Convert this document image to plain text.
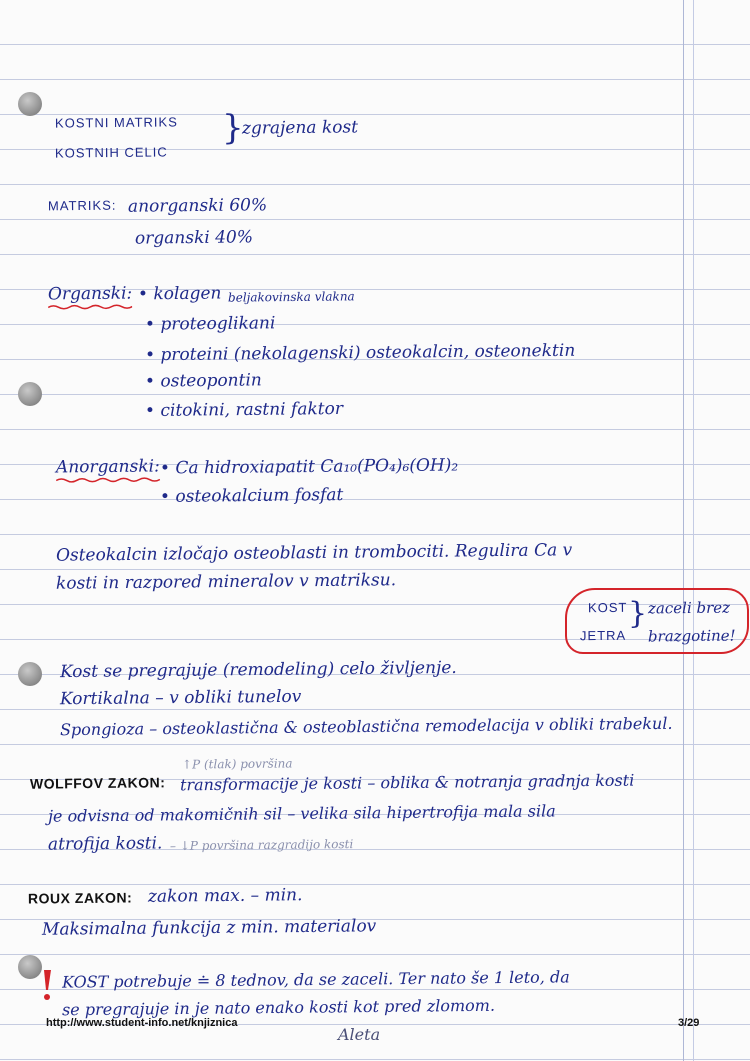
KOSTNI MATRIKS
KOSTNIH CELIC
}
zgrajena kost
MATRIKS: anorganski 60%
organski 40%
Organski: • kolagen beljakovinska vlakna
• proteoglikani
• proteini (nekolagenski) osteokalcin, osteonektin
• osteopontin
• citokini, rastni faktor
Anorganski: • Ca hidroxiapatit Ca₁₀(PO₄)₆(OH)₂
• osteokalcium fosfat
Osteokalcin izločajo osteoblasti in trombociti. Regulira Ca v
kosti in razpored mineralov v matriksu.
KOST
JETRA
} zaceli brez
brazgotine!
Kost se pregrajuje (remodeling) celo življenje.
Kortikalna – v obliki tunelov
Spongioza – osteoklastična & osteoblastična remodelacija v obliki trabekul.
↑P (tlak) površina
WOLFFOV ZAKON: transformacije je kosti – oblika & notranja gradnja kosti
je odvisna od makomičnih sil – velika sila hipertrofija mala sila
atrofija kosti. – ↓P površina razgradijo kosti
ROUX ZAKON: zakon max. – min.
Maksimalna funkcija z min. materialov
KOST potrebuje ≐ 8 tednov, da se zaceli. Ter nato še 1 leto, da
se pregrajuje in je nato enako kosti kot pred zlomom.
http://www.student-info.net/knjiznica	3/29
Aleta
